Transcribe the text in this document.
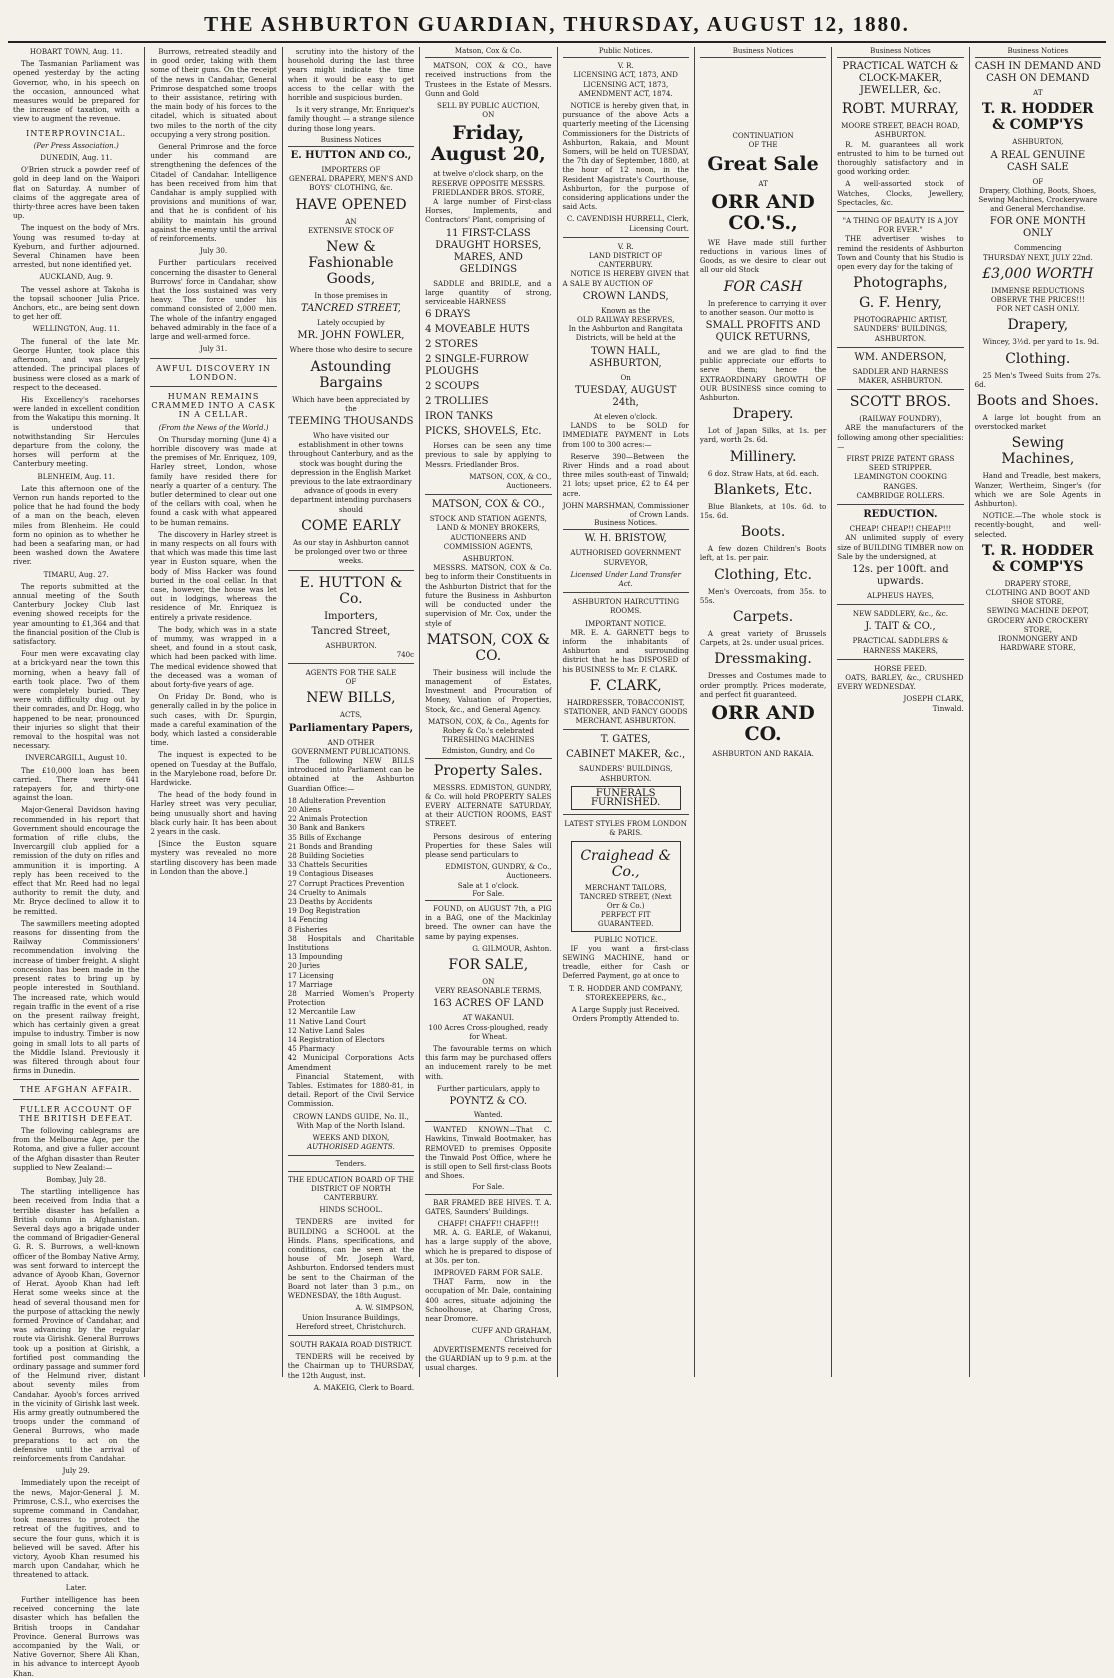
THE ASHBURTON GUARDIAN, THURSDAY, AUGUST 12, 1880.

HOBART TOWN, Aug. 11.

The Tasmanian Parliament was opened yesterday by the acting Governor, who, in his speech on the occasion, announced what measures would be prepared for the increase of taxation, with a view to augment the revenue.

INTERPROVINCIAL.

(Per Press Association.)

DUNEDIN, Aug. 11.

O'Brien struck a powder reef of gold in deep land on the Waipori flat on Saturday. A number of claims of the aggregate area of thirty-three acres have been taken up.

The inquest on the body of Mrs. Young was resumed to-day at Kyeburn, and further adjourned. Several Chinamen have been arrested, but none identified yet.

AUCKLAND, Aug. 9.

The vessel ashore at Takoha is the topsail schooner Julia Price. Anchors, etc., are being sent down to get her off.

WELLINGTON, Aug. 11.

The funeral of the late Mr. George Hunter, took place this afternoon, and was largely attended. The principal places of business were closed as a mark of respect to the deceased.

His Excellency's racehorses were landed in excellent condition from the Wakatipu this morning. It is understood that notwithstanding Sir Hercules departure from the colony, the horses will perform at the Canterbury meeting.

BLENHEIM, Aug. 11.

Late this afternoon one of the Vernon run hands reported to the police that he had found the body of a man on the beach, eleven miles from Blenheim. He could form no opinion as to whether he had been a seafaring man, or had been washed down the Awatere river.

TIMARU, Aug. 27.

The reports submitted at the annual meeting of the South Canterbury Jockey Club last evening showed receipts for the year amounting to £1,364 and that the financial position of the Club is satisfactory.

Four men were excavating clay at a brick-yard near the town this morning, when a heavy fall of earth took place. Two of them were completely buried. They were with difficulty dug out by their comrades, and Dr. Hogg, who happened to be near, pronounced their injuries so slight that their removal to the hospital was not necessary.

INVERCARGILL, August 10.

The £10,000 loan has been carried. There were 641 ratepayers for, and thirty-one against the loan.

Major-General Davidson having recommended in his report that Government should encourage the formation of rifle clubs, the Invercargill club applied for a remission of the duty on rifles and ammunition it is importing. A reply has been received to the effect that Mr. Reed had no legal authority to remit the duty, and Mr. Bryce declined to allow it to be remitted.

The sawmillers meeting adopted reasons for dissenting from the Railway Commissioners' recommendation involving the increase of timber freight. A slight concession has been made in the present rates to bring up by people interested in Southland. The increased rate, which would regain traffic in the event of a rise on the present railway freight, which has certainly given a great impulse to industry. Timber is now going in small lots to all parts of the Middle Island. Previously it was filtered through about four firms in Dunedin.

THE AFGHAN AFFAIR.
FULLER ACCOUNT OF THE BRITISH DEFEAT.

The following cablegrams are from the Melbourne Age, per the Rotoma, and give a fuller account of the Afghan disaster than Reuter supplied to New Zealand:—

Bombay, July 28.

The startling intelligence has been received from India that a terrible disaster has befallen a British column in Afghanistan. Several days ago a brigade under the command of Brigadier-General G. R. S. Burrows, a well-known officer of the Bombay Native Army, was sent forward to intercept the advance of Ayoob Khan, Governor of Herat. Ayoob Khan had left Herat some weeks since at the head of several thousand men for the purpose of attacking the newly formed Province of Candahar, and was advancing by the regular route via Girishk. General Burrows took up a position at Girishk, a fortified post commanding the ordinary passage and summer ford of the Helmund river, distant about seventy miles from Candahar. Ayoob's forces arrived in the vicinity of Girishk last week. His army greatly outnumbered the troops under the command of General Burrows, who made preparations to act on the defensive until the arrival of reinforcements from Candahar.

July 29.

Immediately upon the receipt of the news, Major-General J. M. Primrose, C.S.I., who exercises the supreme command in Candahar, took measures to protect the retreat of the fugitives, and to secure the four guns, which it is believed will be saved. After his victory, Ayoob Khan resumed his march upon Candahar, which he threatened to attack.

Later.

Further intelligence has been received concerning the late disaster which has befallen the British troops in Candahar Province. General Burrows was accompanied by the Wali, or Native Governor, Shere Ali Khan, in his advance to intercept Ayoob Khan.

Burrows, retreated steadily and in good order, taking with them some of their guns. On the receipt of the news in Candahar, General Primrose despatched some troops to their assistance, retiring with the main body of his forces to the citadel, which is situated about two miles to the north of the city occupying a very strong position.

General Primrose and the force under his command are strengthening the defences of the Citadel of Candahar. Intelligence has been received from him that Candahar is amply supplied with provisions and munitions of war, and that he is confident of his ability to maintain his ground against the enemy until the arrival of reinforcements.

July 30.

Further particulars received concerning the disaster to General Burrows' force in Candahar, show that the loss sustained was very heavy. The force under his command consisted of 2,000 men. The whole of the infantry engaged behaved admirably in the face of a large and well-armed force.

July 31.

AWFUL DISCOVERY IN LONDON.
HUMAN REMAINS CRAMMED INTO A CASK IN A CELLAR.

(From the News of the World.)

On Thursday morning (June 4) a horrible discovery was made at the premises of Mr. Enriquez, 109, Harley street, London, whose family have resided there for nearly a quarter of a century. The butler determined to clear out one of the cellars with coal, when he found a cask with what appeared to be human remains.

The discovery in Harley street is in many respects on all fours with that which was made this time last year in Euston square, when the body of Miss Hacker was found buried in the coal cellar. In that case, however, the house was let out in lodgings, whereas the residence of Mr. Enriquez is entirely a private residence.

The body, which was in a state of mummy, was wrapped in a sheet, and found in a stout cask, which had been packed with lime. The medical evidence showed that the deceased was a woman of about forty-five years of age.

On Friday Dr. Bond, who is generally called in by the police in such cases, with Dr. Spurgin, made a careful examination of the body, which lasted a considerable time.

The inquest is expected to be opened on Tuesday at the Buffalo, in the Marylebone road, before Dr. Hardwicke.

The head of the body found in Harley street was very peculiar, being unusually short and having black curly hair. It has been about 2 years in the cask.

[Since the Euston square mystery was revealed no more startling discovery has been made in London than the above.]

scrutiny into the history of the household during the last three years might indicate the time when it would be easy to get access to the cellar with the horrible and suspicious burden.

Is it very strange, Mr. Enriquez's family thought — a strange silence during those long years.

Business Notices
E. HUTTON AND CO.,
IMPORTERS OF
GENERAL DRAPERY, MEN'S AND BOYS' CLOTHING, &c.
HAVE OPENED
AN
EXTENSIVE STOCK OF
New & Fashionable Goods,
In those premises in
TANCRED STREET,
Lately occupied by
MR. JOHN FOWLER,
Where those who desire to secure
Astounding Bargains
Which have been appreciated by the
TEEMING THOUSANDS

Who have visited our establishment in other towns throughout Canterbury, and as the stock was bought during the depression in the English Market previous to the late extraordinary advance of goods in every department intending purchasers should

COME EARLY

As our stay in Ashburton cannot be prolonged over two or three weeks.

E. HUTTON & Co.
Importers,
Tancred Street,
ASHBURTON.
740c
AGENTS FOR THE SALE
OF
NEW BILLS,
ACTS,
Parliamentary Papers,
AND OTHER
GOVERNMENT PUBLICATIONS.

The following NEW BILLS introduced into Parliament can be obtained at the Ashburton Guardian Office:—

18 Adulteration Prevention
20 Aliens
22 Animals Protection
30 Bank and Bankers
35 Bills of Exchange
21 Bonds and Branding
28 Building Societies
33 Chattels Securities
19 Contagious Diseases
27 Corrupt Practices Prevention
24 Cruelty to Animals
23 Deaths by Accidents
19 Dog Registration
14 Fencing
8 Fisheries
38 Hospitals and Charitable Institutions
13 Impounding
20 Juries
17 Licensing
17 Marriage
28 Married Women's Property Protection
12 Mercantile Law
11 Native Land Court
12 Native Land Sales
14 Registration of Electors
45 Pharmacy
42 Municipal Corporations Acts Amendment

Financial Statement, with Tables. Estimates for 1880-81, in detail. Report of the Civil Service Commission.

CROWN LANDS GUIDE, No. II., With Map of the North Island.

WEEKS AND DIXON,
AUTHORISED AGENTS.
Tenders.

THE EDUCATION BOARD OF THE DISTRICT OF NORTH CANTERBURY.

HINDS SCHOOL.

TENDERS are invited for BUILDING a SCHOOL at the Hinds. Plans, specifications, and conditions, can be seen at the house of Mr. Joseph Ward, Ashburton. Endorsed tenders must be sent to the Chairman of the Board not later than 3 p.m., on WEDNESDAY, the 18th August.

A. W. SIMPSON,

Union Insurance Buildings, Hereford street, Christchurch.

SOUTH RAKAIA ROAD DISTRICT.

TENDERS will be received by the Chairman up to THURSDAY, the 12th August, inst.

A. MAKEIG, Clerk to Board.
Matson, Cox & Co.

MATSON, COX & CO., have received instructions from the Trustees in the Estate of Messrs. Gunn and Gold

SELL BY PUBLIC AUCTION,
ON
Friday, August 20,
at twelve o'clock sharp, on the
RESERVE OPPOSITE MESSRS. FRIEDLANDER BROS. STORE,

A large number of First-class Horses, Implements, and Contractors' Plant, comprising of

11 FIRST-CLASS DRAUGHT HORSES, MARES, AND GELDINGS

SADDLE and BRIDLE, and a large quantity of strong, serviceable HARNESS

6 DRAYS
4 MOVEABLE HUTS
2 STORES
2 SINGLE-FURROW PLOUGHS
2 SCOUPS
2 TROLLIES
IRON TANKS
PICKS, SHOVELS, Etc.

Horses can be seen any time previous to sale by applying to Messrs. Friedlander Bros.

MATSON, COX, & CO., Auctioneers.
MATSON, COX & CO.,

STOCK AND STATION AGENTS, LAND & MONEY BROKERS, AUCTIONEERS AND COMMISSION AGENTS,

ASHBURTON.

MESSRS. MATSON, COX & Co. beg to inform their Constituents in the Ashburton District that for the future the Business in Ashburton will be conducted under the supervision of Mr. Cox, under the style of

MATSON, COX & CO.

Their business will include the management of Estates, Investment and Procuration of Money, Valuation of Properties, Stock, &c., and General Agency.

MATSON, COX, & Co., Agents for Robey & Co.'s celebrated THRESHING MACHINES

Edmiston, Gundry, and Co
Property Sales.

MESSRS. EDMISTON, GUNDRY, & Co. will hold PROPERTY SALES EVERY ALTERNATE SATURDAY, at their AUCTION ROOMS, EAST STREET.

Persons desirous of entering Properties for these Sales will please send particulars to

EDMISTON, GUNDRY, & Co., Auctioneers.
Sale at 1 o'clock.
For Sale.

FOUND, on AUGUST 7th, a PIG in a BAG, one of the Mackinlay breed. The owner can have the same by paying expenses.

G. GILMOUR, Ashton.
FOR SALE,
ON
VERY REASONABLE TERMS,
163 ACRES OF LAND
AT WAKANUI.

100 Acres Cross-ploughed, ready for Wheat.

The favourable terms on which this farm may be purchased offers an inducement rarely to be met with.

Further particulars, apply to

POYNTZ & CO.
Wanted.

WANTED KNOWN—That C. Hawkins, Tinwald Bootmaker, has REMOVED to premises Opposite the Tinwald Post Office, where he is still open to Sell first-class Boots and Shoes.

For Sale.

BAR FRAMED BEE HIVES. T. A. GATES, Saunders' Buildings.

CHAFF! CHAFF!! CHAFF!!!

MR. A. G. EARLE, of Wakanui, has a large supply of the above, which he is prepared to dispose of at 30s. per ton.

IMPROVED FARM FOR SALE.

THAT Farm, now in the occupation of Mr. Dale, containing 400 acres, situate adjoining the Schoolhouse, at Charing Cross, near Dromore.

CUFF AND GRAHAM, Christchurch

ADVERTISEMENTS received for the GUARDIAN up to 9 p.m. at the usual charges.

Public Notices.
V. R.

LICENSING ACT, 1873, AND LICENSING ACT, 1873, AMENDMENT ACT, 1874.

NOTICE is hereby given that, in pursuance of the above Acts a quarterly meeting of the Licensing Commissioners for the Districts of Ashburton, Rakaia, and Mount Somers, will be held on TUESDAY, the 7th day of September, 1880, at the hour of 12 noon, in the Resident Magistrate's Courthouse, Ashburton, for the purpose of considering applications under the said Acts.

C. CAVENDISH HURRELL, Clerk, Licensing Court.
V. R.
LAND DISTRICT OF CANTERBURY.

NOTICE IS HEREBY GIVEN that A SALE BY AUCTION OF

CROWN LANDS,
Known as the
OLD RAILWAY RESERVES,

In the Ashburton and Rangitata Districts, will be held at the

TOWN HALL, ASHBURTON,
On
TUESDAY, AUGUST 24th,
At eleven o'clock.

LANDS to be SOLD for IMMEDIATE PAYMENT in Lots from 100 to 300 acres:—

Reserve 390—Between the River Hinds and a road about three miles south-east of Tinwald; 21 lots; upset price, £2 to £4 per acre.

JOHN MARSHMAN, Commissioner of Crown Lands.
Business Notices.
W. H. BRISTOW,

AUTHORISED GOVERNMENT SURVEYOR,

Licensed Under Land Transfer Act.

ASHBURTON HAIRCUTTING ROOMS.

IMPORTANT NOTICE.

MR. E. A. GARNETT begs to inform the inhabitants of Ashburton and surrounding district that he has DISPOSED of his BUSINESS to Mr. F. CLARK.

F. CLARK,

HAIRDRESSER, TOBACCONIST, STATIONER, AND FANCY GOODS MERCHANT, ASHBURTON.

T. GATES,
CABINET MAKER, &c.,
SAUNDERS' BUILDINGS, ASHBURTON.
FUNERALS FURNISHED.

LATEST STYLES FROM LONDON & PARIS.

Craighead & Co.,
MERCHANT TAILORS, TANCRED STREET, (Next Orr & Co.)
PERFECT FIT GUARANTEED.
PUBLIC NOTICE.

IF you want a first-class SEWING MACHINE, hand or treadle, either for Cash or Deferred Payment, go at once to

T. R. HODDER AND COMPANY, STOREKEEPERS, &c.,

A Large Supply just Received.
Orders Promptly Attended to.
Business Notices
CONTINUATION
OF THE
Great Sale
AT
ORR AND CO.'S.,

WE Have made still further reductions in various lines of Goods, as we desire to clear out all our old Stock

FOR CASH

In preference to carrying it over to another season. Our motto is

SMALL PROFITS AND QUICK RETURNS,

and we are glad to find the public appreciate our efforts to serve them; hence the EXTRAORDINARY GROWTH OF OUR BUSINESS since coming to Ashburton.

Drapery.

Lot of Japan Silks, at 1s. per yard, worth 2s. 6d.

Millinery.

6 doz. Straw Hats, at 6d. each.

Blankets, Etc.

Blue Blankets, at 10s. 6d. to 15s. 6d.

Boots.

A few dozen Children's Boots left, at 1s. per pair.

Clothing, Etc.

Men's Overcoats, from 35s. to 55s.

Carpets.

A great variety of Brussels Carpets, at 2s. under usual prices.

Dressmaking.

Dresses and Costumes made to order promptly. Prices moderate, and perfect fit guaranteed.

ORR AND CO.
ASHBURTON AND RAKAIA.
Business Notices
PRACTICAL WATCH & CLOCK-MAKER, JEWELLER, &c.
ROBT. MURRAY,
MOORE STREET, BEACH ROAD, ASHBURTON.

R. M. guarantees all work entrusted to him to be turned out thoroughly satisfactory and in good working order.

A well-assorted stock of Watches, Clocks, Jewellery, Spectacles, &c.

"A THING OF BEAUTY IS A JOY FOR EVER."

THE advertiser wishes to remind the residents of Ashburton Town and County that his Studio is open every day for the taking of

Photographs,
G. F. Henry,
PHOTOGRAPHIC ARTIST, SAUNDERS' BUILDINGS, ASHBURTON.
WM. ANDERSON,
SADDLER AND HARNESS MAKER, ASHBURTON.
SCOTT BROS.
(RAILWAY FOUNDRY),

ARE the manufacturers of the following among other specialities:—

FIRST PRIZE PATENT GRASS SEED STRIPPER.
LEAMINGTON COOKING RANGES.
CAMBRIDGE ROLLERS.
REDUCTION.
CHEAP! CHEAP!! CHEAP!!!

AN unlimited supply of every size of BUILDING TIMBER now on Sale by the undersigned, at

12s. per 100ft. and upwards.
ALPHEUS HAYES,
NEW SADDLERY, &c., &c.
J. TAIT & CO.,
PRACTICAL SADDLERS & HARNESS MAKERS,
HORSE FEED.

OATS, BARLEY, &c., CRUSHED EVERY WEDNESDAY.

JOSEPH CLARK,
Tinwald.
Business Notices
CASH IN DEMAND AND CASH ON DEMAND
AT
T. R. HODDER & COMP'YS
ASHBURTON,
A REAL GENUINE CASH SALE
OF

Drapery, Clothing, Boots, Shoes, Sewing Machines, Crockeryware and General Merchandise.

FOR ONE MONTH ONLY
Commencing
THURSDAY NEXT, JULY 22nd.
£3,000 WORTH
IMMENSE REDUCTIONS
OBSERVE THE PRICES!!!
FOR NET CASH ONLY.
Drapery,

Wincey, 3½d. per yard to 1s. 9d.

Clothing.

25 Men's Tweed Suits from 27s. 6d.

Boots and Shoes.

A large lot bought from an overstocked market

Sewing Machines,

Hand and Treadle, best makers, Wanzer, Wertheim, Singer's (for which we are Sole Agents in Ashburton).

NOTICE.—The whole stock is recently-bought, and well-selected.

T. R. HODDER & COMP'YS
DRAPERY STORE,
CLOTHING AND BOOT AND SHOE STORE,
SEWING MACHINE DEPOT,
GROCERY AND CROCKERY STORE,
IRONMONGERY AND HARDWARE STORE,
